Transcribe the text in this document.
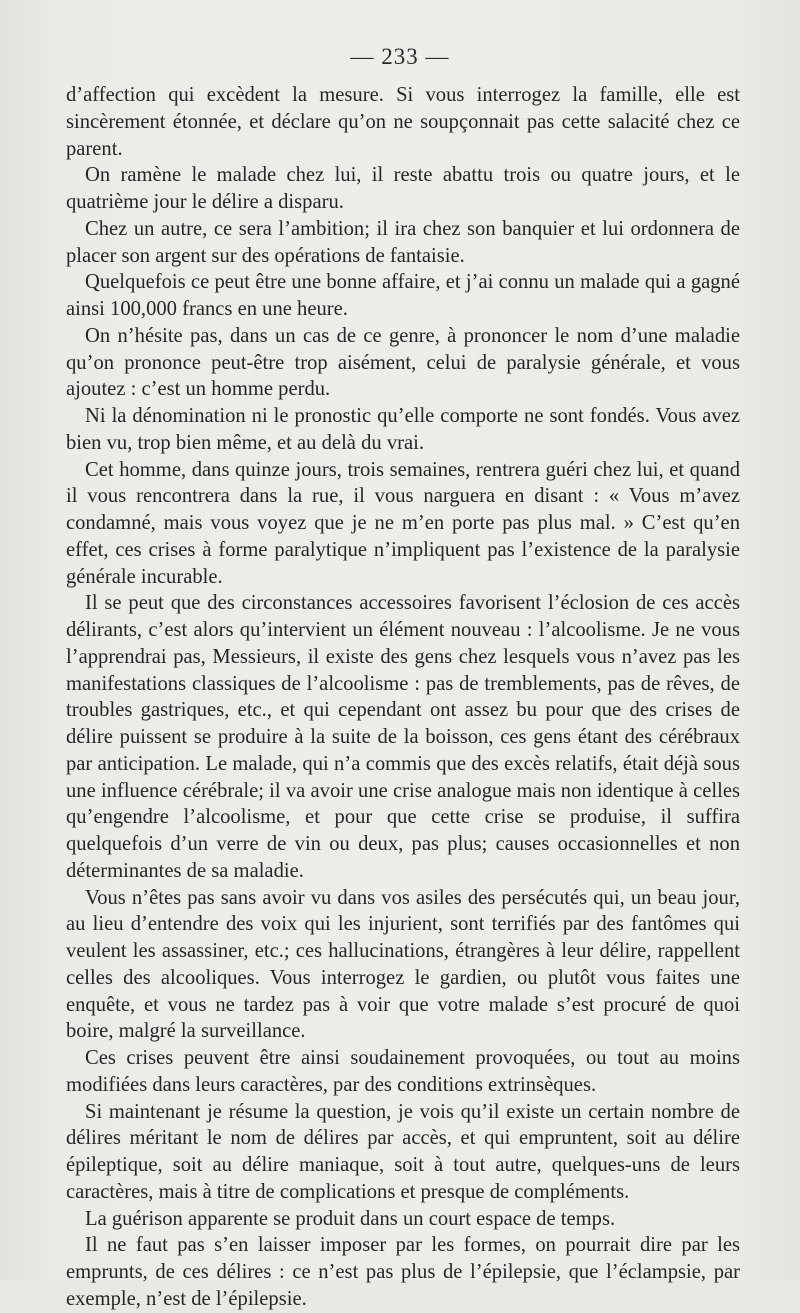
— 233 —

d’affection qui excèdent la mesure. Si vous interrogez la famille, elle est sincèrement étonnée, et déclare qu’on ne soupçonnait pas cette salacité chez ce parent.

On ramène le malade chez lui, il reste abattu trois ou quatre jours, et le quatrième jour le délire a disparu.

Chez un autre, ce sera l’ambition; il ira chez son banquier et lui ordonnera de placer son argent sur des opérations de fantaisie.

Quelquefois ce peut être une bonne affaire, et j’ai connu un malade qui a gagné ainsi 100,000 francs en une heure.

On n’hésite pas, dans un cas de ce genre, à prononcer le nom d’une maladie qu’on prononce peut-être trop aisément, celui de paralysie générale, et vous ajoutez : c’est un homme perdu.

Ni la dénomination ni le pronostic qu’elle comporte ne sont fondés. Vous avez bien vu, trop bien même, et au delà du vrai.

Cet homme, dans quinze jours, trois semaines, rentrera guéri chez lui, et quand il vous rencontrera dans la rue, il vous narguera en disant : « Vous m’avez condamné, mais vous voyez que je ne m’en porte pas plus mal. » C’est qu’en effet, ces crises à forme paralytique n’impliquent pas l’existence de la paralysie générale incurable.

Il se peut que des circonstances accessoires favorisent l’éclosion de ces accès délirants, c’est alors qu’intervient un élément nouveau : l’alcoolisme. Je ne vous l’apprendrai pas, Messieurs, il existe des gens chez lesquels vous n’avez pas les manifestations classiques de l’alcoolisme : pas de tremblements, pas de rêves, de troubles gastriques, etc., et qui cependant ont assez bu pour que des crises de délire puissent se produire à la suite de la boisson, ces gens étant des cérébraux par anticipation. Le malade, qui n’a commis que des excès relatifs, était déjà sous une influence cérébrale; il va avoir une crise analogue mais non identique à celles qu’engendre l’alcoolisme, et pour que cette crise se produise, il suffira quelquefois d’un verre de vin ou deux, pas plus; causes occasionnelles et non déterminantes de sa maladie.

Vous n’êtes pas sans avoir vu dans vos asiles des persécutés qui, un beau jour, au lieu d’entendre des voix qui les injurient, sont terrifiés par des fantômes qui veulent les assassiner, etc.; ces hallucinations, étrangères à leur délire, rappellent celles des alcooliques. Vous interrogez le gardien, ou plutôt vous faites une enquête, et vous ne tardez pas à voir que votre malade s’est procuré de quoi boire, malgré la surveillance.

Ces crises peuvent être ainsi soudainement provoquées, ou tout au moins modifiées dans leurs caractères, par des conditions extrinsèques.

Si maintenant je résume la question, je vois qu’il existe un certain nombre de délires méritant le nom de délires par accès, et qui empruntent, soit au délire épileptique, soit au délire maniaque, soit à tout autre, quelques-uns de leurs caractères, mais à titre de complications et presque de compléments.

La guérison apparente se produit dans un court espace de temps.

Il ne faut pas s’en laisser imposer par les formes, on pourrait dire par les emprunts, de ces délires : ce n’est pas plus de l’épilepsie, que l’éclampsie, par exemple, n’est de l’épilepsie.
